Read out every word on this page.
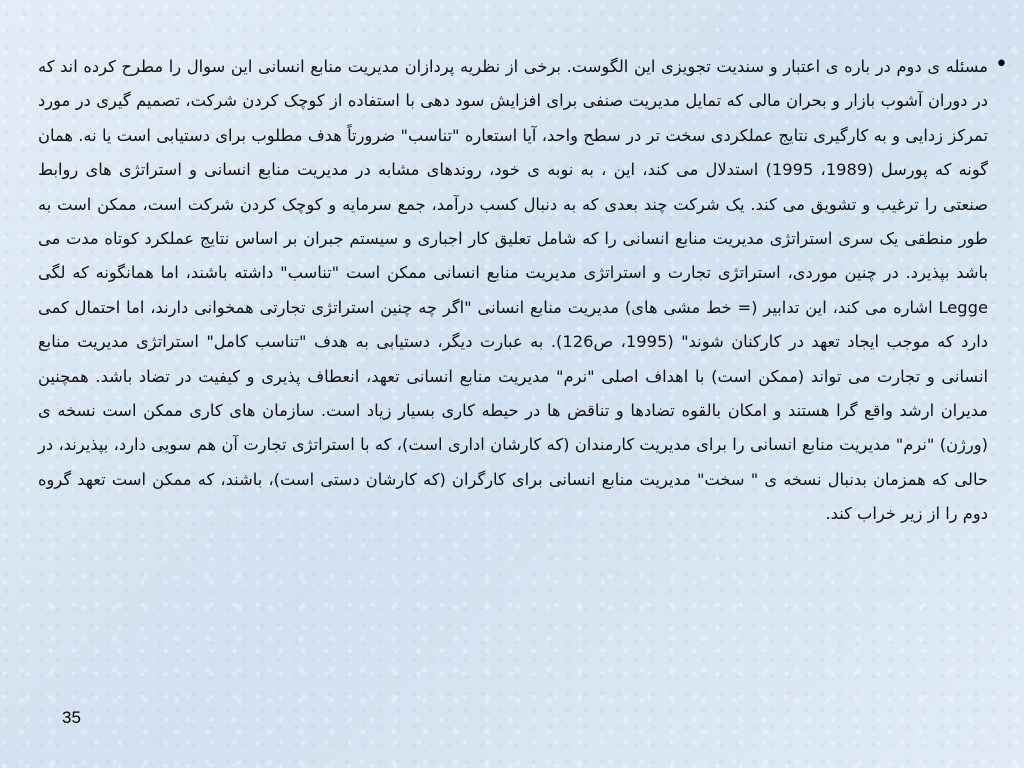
•

مسئله ی دوم در باره ی اعتبار و سندیت تجویزی این الگوست. برخی از نظریه پردازان مدیریت منابع انسانی این سوال را مطرح کرده اند که در دوران آشوب بازار و بحران مالی که تمایل مدیریت صنفی برای افزایش سود دهی با استفاده از کوچک کردن شرکت، تصمیم گیری در مورد تمرکز زدایی و به کارگیری نتایج عملکردی سخت تر در سطح واحد، آیا استعاره "تناسب" ضرورتاً هدف مطلوب برای دستیابی است یا نه. همان گونه که پورسل (1989، 1995) استدلال می کند، این ، به نوبه ی خود، روندهای مشابه در مدیریت منابع انسانی و استراتژی های روابط صنعتی را ترغیب و تشویق می کند. یک شرکت چند بعدی که به دنبال کسب درآمد، جمع سرمایه و کوچک کردن شرکت است، ممکن است به طور منطقی یک سری استراتژی مدیریت منابع انسانی را که شامل تعلیق کار اجباری و سیستم جبران بر اساس نتایج عملکرد کوتاه مدت می باشد بپذیرد. در چنین موردی، استراتژی تجارت و استراتژی مدیریت منابع انسانی ممکن است "تناسب" داشته باشند، اما همانگونه که لگی Legge اشاره می کند، این تدابیر (= خط مشی های) مدیریت منابع انسانی "اگر چه چنین استراتژی تجارتی همخوانی دارند، اما احتمال کمی دارد که موجب ایجاد تعهد در کارکنان شوند" (1995، ص126). به عبارت دیگر، دستیابی به هدف "تناسب کامل" استراتژی مدیریت منابع انسانی و تجارت می تواند (ممکن است) با اهداف اصلی "نرم" مدیریت منابع انسانی تعهد، انعطاف پذیری و کیفیت در تضاد باشد. همچنین مدیران ارشد واقع گرا هستند و امکان بالقوه تضادها و تناقض ها در حیطه کاری بسیار زیاد است. سازمان های کاری ممکن است نسخه ی (ورژن) "نرم" مدیریت منابع انسانی را برای مدیریت کارمندان (که کارشان اداری است)، که با استراتژی تجارت آن هم سویی دارد، بپذیرند، در حالی که همزمان بدنبال نسخه ی " سخت" مدیریت منابع انسانی برای کارگران (که کارشان دستی است)، باشند، که ممکن است تعهد گروه دوم را از زیر خراب کند.

35
